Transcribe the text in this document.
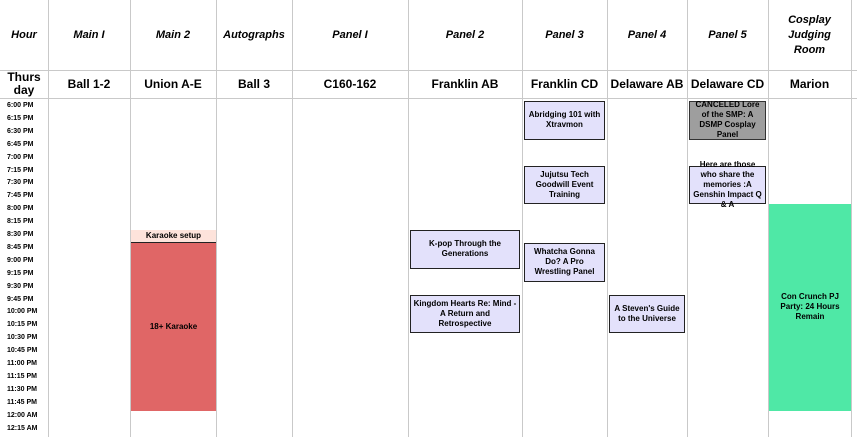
Hour
Thurs day
Main I
Ball 1-2
Main 2
Union A-E
Autographs
Ball 3
Panel I
C160-162
Panel 2
Franklin AB
Panel 3
Franklin CD
Panel 4
Delaware AB
Panel 5
Delaware CD
Cosplay Judging Room
Marion
6:00 PM
6:15 PM
6:30 PM
6:45 PM
7:00 PM
7:15 PM
7:30 PM
7:45 PM
8:00 PM
8:15 PM
8:30 PM
8:45 PM
9:00 PM
9:15 PM
9:30 PM
9:45 PM
10:00 PM
10:15 PM
10:30 PM
10:45 PM
11:00 PM
11:15 PM
11:30 PM
11:45 PM
12:00 AM
12:15 AM
Abridging 101 with Xtravmon
CANCELED Lore of the SMP: A DSMP Cosplay Panel
Jujutsu Tech Goodwill Event Training
Here are those who share the memories :A Genshin Impact Q & A
Karaoke setup
18+ Karaoke
K-pop Through the Generations	Whatcha Gonna Do? A Pro Wrestling Panel
Kingdom Hearts Re: Mind - A Return and Retrospective
A Steven's Guide to the Universe
Con Crunch PJ Party: 24 Hours Remain
